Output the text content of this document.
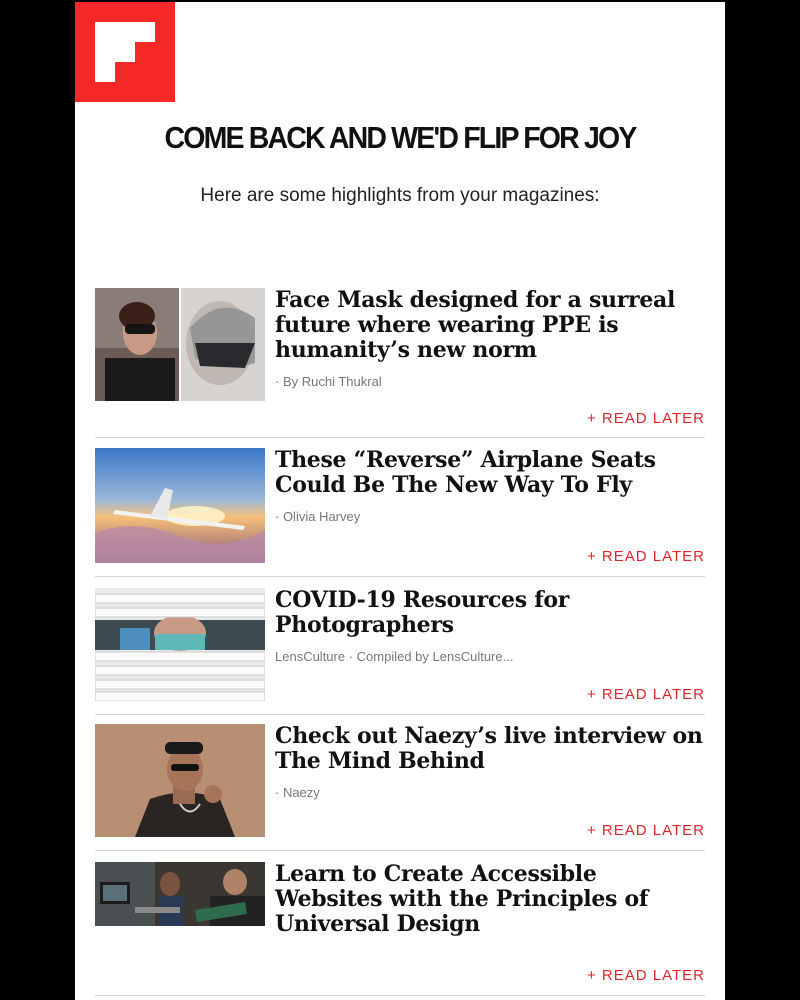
COME BACK AND WE'D FLIP FOR JOY
Here are some highlights from your magazines:
Face Mask designed for a surreal future where wearing PPE is humanity’s new norm
· By Ruchi Thukral
+ READ LATER
These “Reverse” Airplane Seats Could Be The New Way To Fly
· Olivia Harvey
+ READ LATER
COVID-19 Resources for Photographers
LensCulture · Compiled by LensCulture...
+ READ LATER
Check out Naezy’s live interview on The Mind Behind
· Naezy
+ READ LATER
Learn to Create Accessible Websites with the Principles of Universal Design
+ READ LATER
